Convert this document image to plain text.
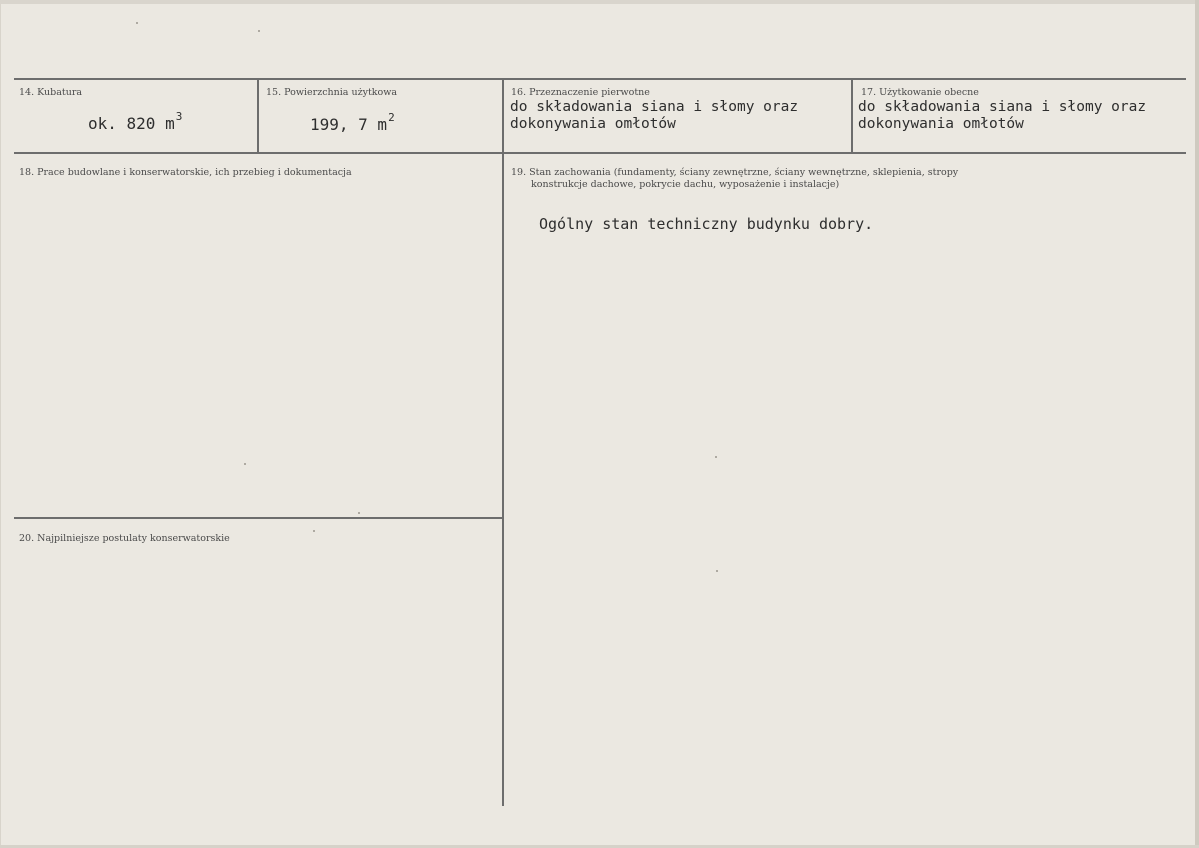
14. Kubatura
ok. 820 $m^3$
15. Powierzchnia użytkowa
199, 7 $m^2$
16. Przeznaczenie pierwotne
do składowania siana i słomy oraz
dokonywania omłotów
17. Użytkowanie obecne
do składowania siana i słomy oraz
dokonywania omłotów
18. Prace budowlane i konserwatorskie, ich przebieg i dokumentacja	19. Stan zachowania (fundamenty, ściany zewnętrzne, ściany wewnętrzne, sklepienia, stropy
konstrukcje dachowe, pokrycie dachu, wyposażenie i instalacje)
Ogólny stan techniczny budynku dobry.
20. Najpilniejsze postulaty konserwatorskie
